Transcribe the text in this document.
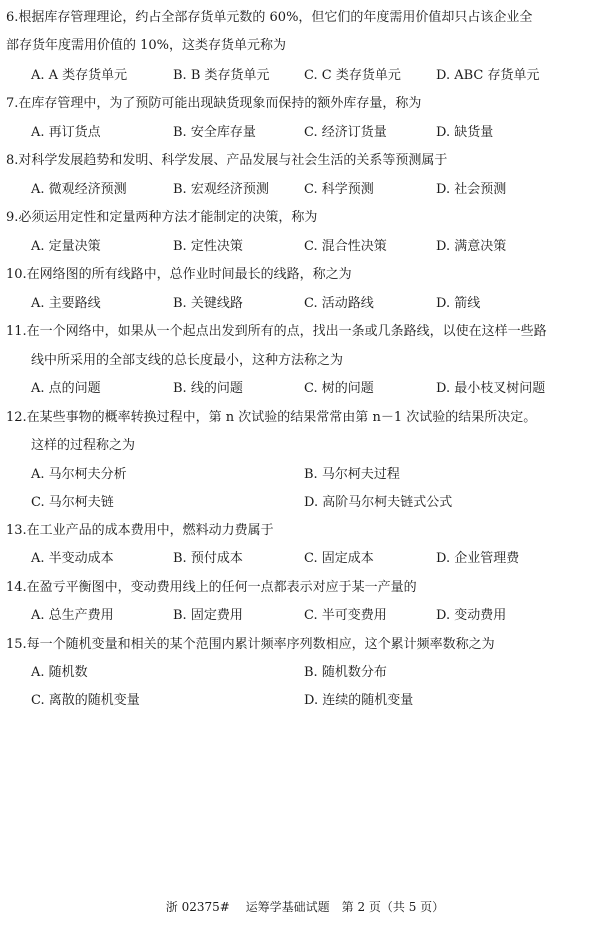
6.根据库存管理理论，约占全部存货单元数的 60%，但它们的年度需用价值却只占该企业全
部存货年度需用价值的 10%，这类存货单元称为
A. A 类存货单元	B. B 类存货单元	C. C 类存货单元	D. ABC 存货单元
7.在库存管理中，为了预防可能出现缺货现象而保持的额外库存量，称为
A. 再订货点	B. 安全库存量	C. 经济订货量	D. 缺货量
8.对科学发展趋势和发明、科学发展、产品发展与社会生活的关系等预测属于
A. 微观经济预测	B. 宏观经济预测	C. 科学预测	D. 社会预测
9.必须运用定性和定量两种方法才能制定的决策，称为
A. 定量决策	B. 定性决策	C. 混合性决策	D. 满意决策
10.在网络图的所有线路中，总作业时间最长的线路，称之为
A. 主要路线	B. 关键线路	C. 活动路线	D. 箭线
11.在一个网络中，如果从一个起点出发到所有的点，找出一条或几条路线，以使在这样一些路
线中所采用的全部支线的总长度最小，这种方法称之为
A. 点的问题	B. 线的问题	C. 树的问题	D. 最小枝叉树问题
12.在某些事物的概率转换过程中，第 n 次试验的结果常常由第 n－1 次试验的结果所决定。
这样的过程称之为
A. 马尔柯夫分析	B. 马尔柯夫过程
C. 马尔柯夫链	D. 高阶马尔柯夫链式公式
13.在工业产品的成本费用中，燃料动力费属于
A. 半变动成本	B. 预付成本	C. 固定成本	D. 企业管理费
14.在盈亏平衡图中，变动费用线上的任何一点都表示对应于某一产量的
A. 总生产费用	B. 固定费用	C. 半可变费用	D. 变动费用
15.每一个随机变量和相关的某个范围内累计频率序列数相应，这个累计频率数称之为
A. 随机数	B. 随机数分布
C. 离散的随机变量	D. 连续的随机变量
浙 02375#　 运筹学基础试题　第 2 页（共 5 页）
